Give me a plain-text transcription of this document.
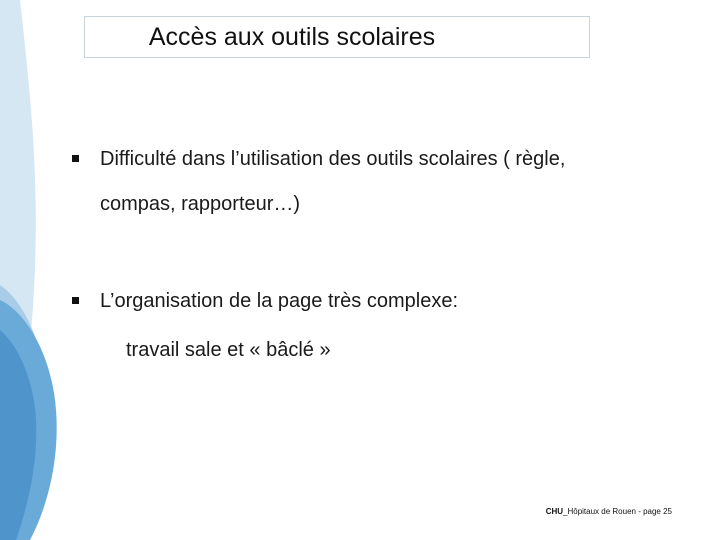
Accès aux outils scolaires
Difficulté dans l’utilisation des outils scolaires ( règle,
compas, rapporteur…)
L’organisation de la page très complexe:
travail sale et « bâclé »
CHU_Hôpitaux de Rouen - page 25
